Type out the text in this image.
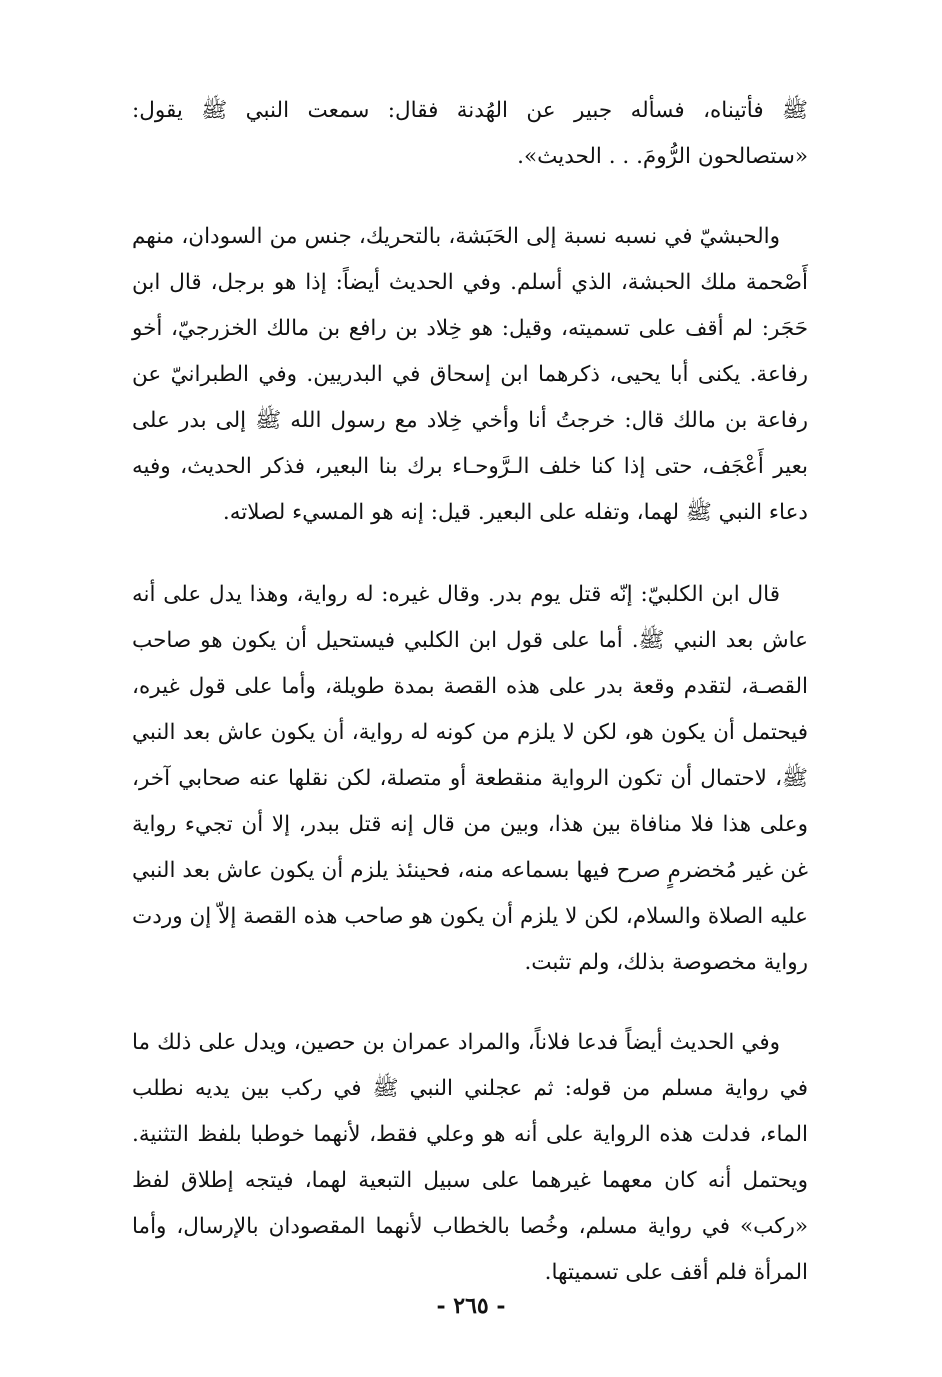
ﷺ فأتيناه، فسأله جبير عن الهُدنة فقال: سمعت النبي ﷺ يقول: «ستصالحون الرُّومَ. . . الحديث».

والحبشيّ في نسبه نسبة إلى الحَبَشة، بالتحريك، جنس من السودان، منهم أَصْحمة ملك الحبشة، الذي أسلم. وفي الحديث أيضاً: إذا هو برجل، قال ابن حَجَر: لم أقف على تسميته، وقيل: هو خِلاد بن رافع بن مالك الخزرجيّ، أخو رفاعة. يكنى أبا يحيى، ذكرهما ابن إسحاق في البدريين. وفي الطبرانيّ عن رفاعة بن مالك قال: خرجتُ أنا وأخي خِلاد مع رسول الله ﷺ إلى بدر على بعير أَعْجَف، حتى إذا كنا خلف الـرَّوحـاء برك بنا البعير، فذكر الحديث، وفيه دعاء النبي ﷺ لهما، وتفله على البعير. قيل: إنه هو المسيء لصلاته.

قال ابن الكلبيّ: إنّه قتل يوم بدر. وقال غيره: له رواية، وهذا يدل على أنه عاش بعد النبي ﷺ. أما على قول ابن الكلبي فيستحيل أن يكون هو صاحب القصـة، لتقدم وقعة بدر على هذه القصة بمدة طويلة، وأما على قول غيره، فيحتمل أن يكون هو، لكن لا يلزم من كونه له رواية، أن يكون عاش بعد النبي ﷺ، لاحتمال أن تكون الرواية منقطعة أو متصلة، لكن نقلها عنه صحابي آخر، وعلى هذا فلا منافاة بين هذا، وبين من قال إنه قتل ببدر، إلا أن تجيء رواية غن غير مُخضرمٍ صرح فيها بسماعه منه، فحينئذ يلزم أن يكون عاش بعد النبي عليه الصلاة والسلام، لكن لا يلزم أن يكون هو صاحب هذه القصة إلاّ إن وردت رواية مخصوصة بذلك، ولم تثبت.

وفي الحديث أيضاً فدعا فلاناً، والمراد عمران بن حصين، ويدل على ذلك ما في رواية مسلم من قوله: ثم عجلني النبي ﷺ في ركب بين يديه نطلب الماء، فدلت هذه الرواية على أنه هو وعلي فقط، لأنهما خوطبا بلفظ التثنية. ويحتمل أنه كان معهما غيرهما على سبيل التبعية لهما، فيتجه إطلاق لفظ «ركب» في رواية مسلم، وخُصا بالخطاب لأنهما المقصودان بالإرسال، وأما المرأة فلم أقف على تسميتها.

- ٢٦٥ -
